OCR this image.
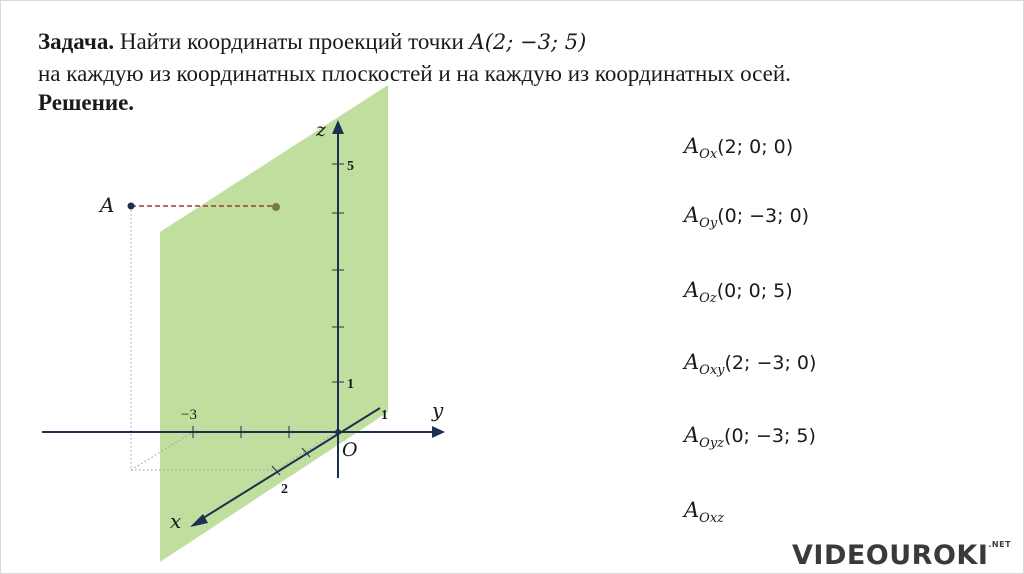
Задача. Найти координаты проекций точки A(2; −3; 5)
на каждую из координатных плоскостей и на каждую из координатных осей.
Решение.
z
y
x
O
5
1
1
−3
2
A
$A_{Ox}(2$; 0; 0)
$A_{Oy}(0$; −3; 0)
$A_{Oz}(0$; 0; 5)
$A_{Oxy}(2$; −3; 0)
$A_{Oyz}(0$; −3; 5)
$A_{Oxz}$
$VIDEOUROKI^{.NET}$
